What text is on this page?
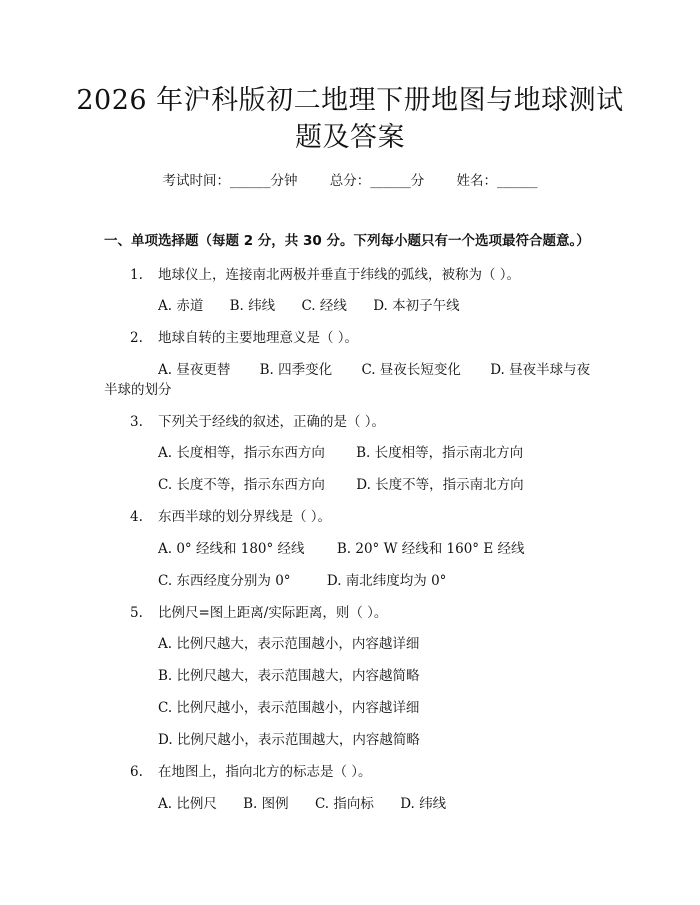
2026 年沪科版初二地理下册地图与地球测试
题及答案
考试时间：______分钟 总分：______分 姓名：______
一、单项选择题（每题 2 分，共 30 分。下列每小题只有一个选项最符合题意。）
1. 地球仪上，连接南北两极并垂直于纬线的弧线，被称为（ ）。
A. 赤道 B. 纬线 C. 经线 D. 本初子午线
2. 地球自转的主要地理意义是（ ）。
A. 昼夜更替 B. 四季变化 C. 昼夜长短变化 D. 昼夜半球与夜
半球的划分
3. 下列关于经线的叙述，正确的是（ ）。
A. 长度相等，指示东西方向 B. 长度相等，指示南北方向
C. 长度不等，指示东西方向 D. 长度不等，指示南北方向
4. 东西半球的划分界线是（ ）。
A. 0° 经线和 180° 经线 B. 20° W 经线和 160° E 经线
C. 东西经度分别为 0°	D. 南北纬度均为 0°
5. 比例尺=图上距离/实际距离，则（ ）。
A. 比例尺越大，表示范围越小，内容越详细
B. 比例尺越大，表示范围越大，内容越简略
C. 比例尺越小，表示范围越小，内容越详细
D. 比例尺越小，表示范围越大，内容越简略
6. 在地图上，指向北方的标志是（ ）。
A. 比例尺 B. 图例 C. 指向标 D. 纬线
